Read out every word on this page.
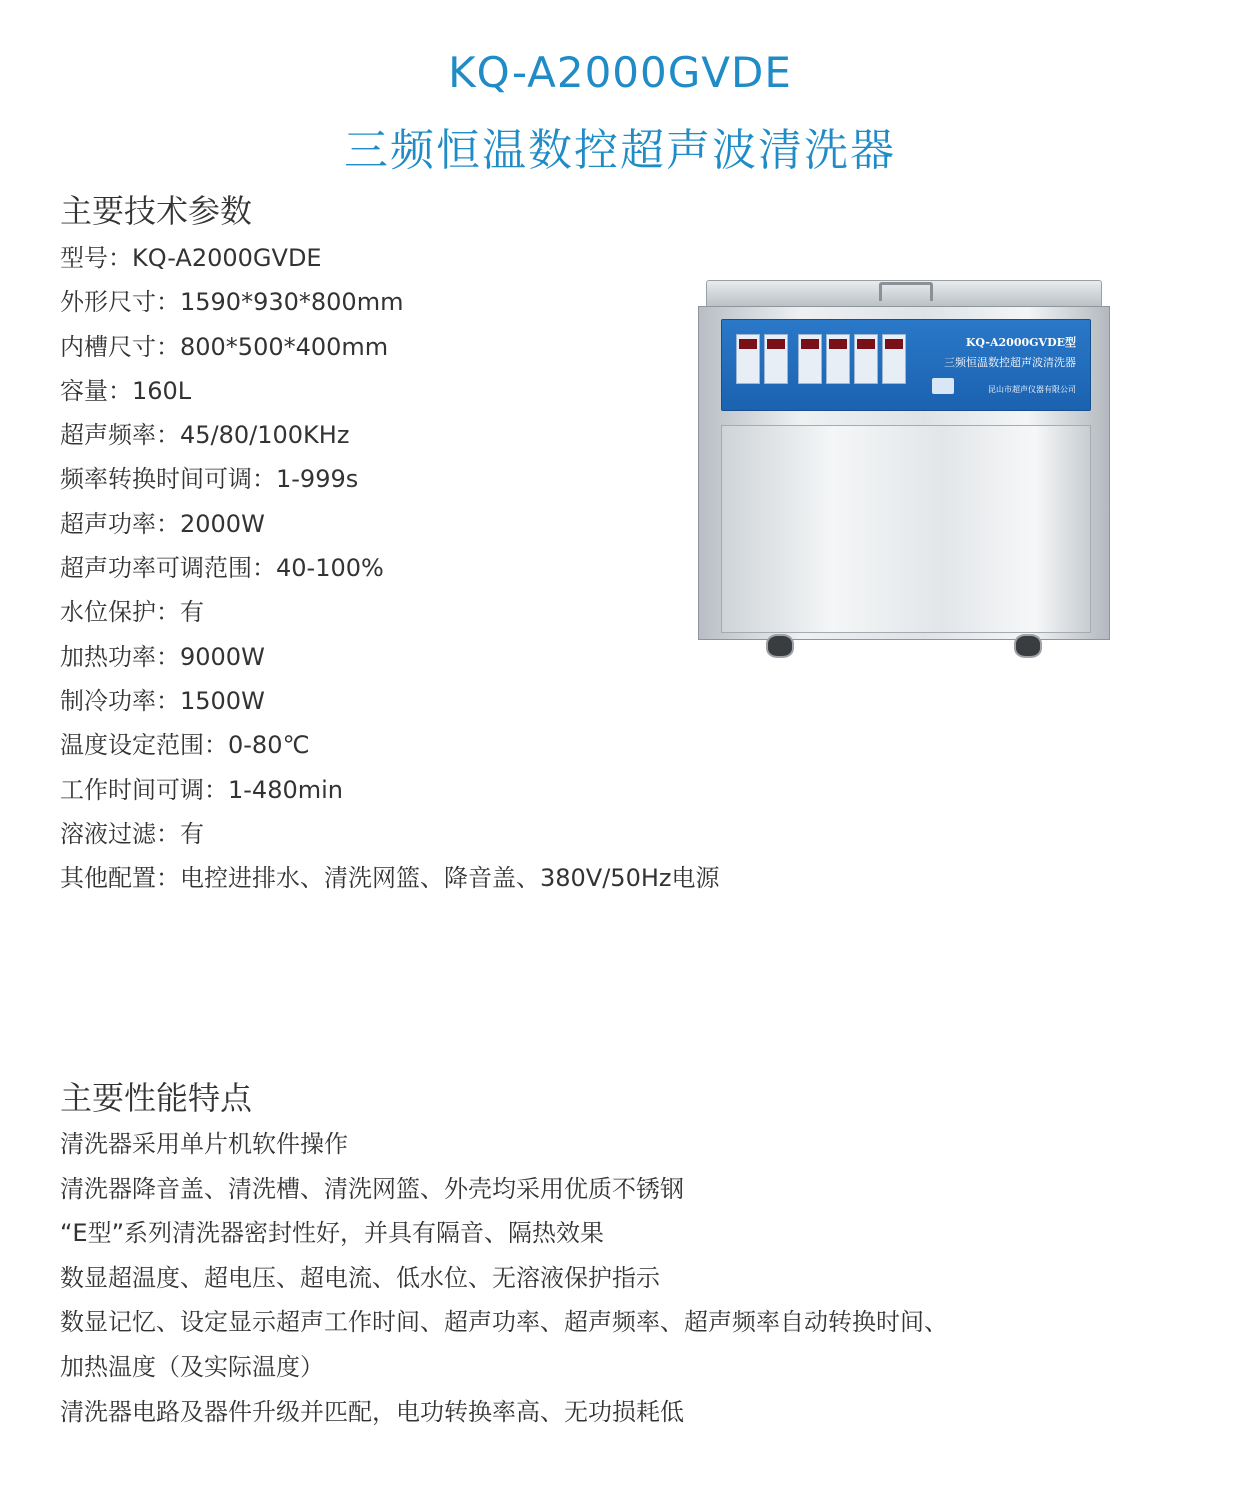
KQ-A2000GVDE
三频恒温数控超声波清洗器
主要技术参数
型号：KQ-A2000GVDE
外形尺寸：1590*930*800mm
内槽尺寸：800*500*400mm
容量：160L
超声频率：45/80/100KHz
频率转换时间可调：1-999s
超声功率：2000W
超声功率可调范围：40-100%
水位保护：有
加热功率：9000W
制冷功率：1500W
温度设定范围：0-80℃
工作时间可调：1-480min
溶液过滤：有
其他配置：电控进排水、清洗网篮、降音盖、380V/50Hz电源
KQ-A2000GVDE型
三频恒温数控超声波清洗器
昆山市超声仪器有限公司
主要性能特点
清洗器采用单片机软件操作
清洗器降音盖、清洗槽、清洗网篮、外壳均采用优质不锈钢
“E型”系列清洗器密封性好，并具有隔音、隔热效果
数显超温度、超电压、超电流、低水位、无溶液保护指示
数显记忆、设定显示超声工作时间、超声功率、超声频率、超声频率自动转换时间、
加热温度（及实际温度）
清洗器电路及器件升级并匹配，电功转换率高、无功损耗低
